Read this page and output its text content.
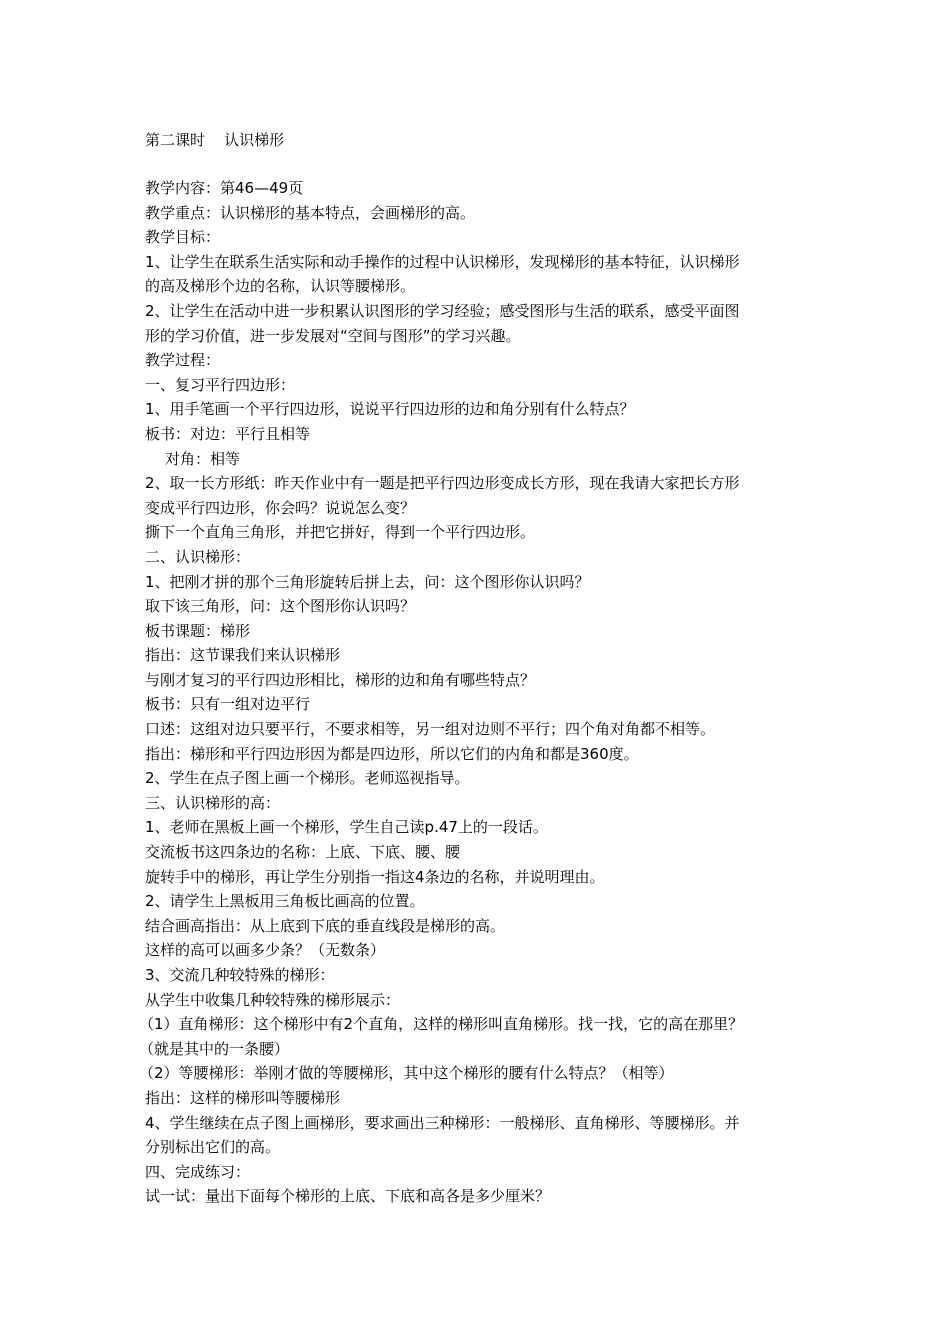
第二课时    认识梯形
教学内容：第46—49页
教学重点：认识梯形的基本特点，会画梯形的高。
教学目标：
1、让学生在联系生活实际和动手操作的过程中认识梯形，发现梯形的基本特征，认识梯形
的高及梯形个边的名称，认识等腰梯形。
2、让学生在活动中进一步积累认识图形的学习经验；感受图形与生活的联系，感受平面图
形的学习价值，进一步发展对“空间与图形”的学习兴趣。
教学过程：
一、复习平行四边形：
1、用手笔画一个平行四边形，说说平行四边形的边和角分别有什么特点？
板书：对边：平行且相等
对角：相等
2、取一长方形纸：昨天作业中有一题是把平行四边形变成长方形，现在我请大家把长方形
变成平行四边形，你会吗？说说怎么变？
撕下一个直角三角形，并把它拼好，得到一个平行四边形。
二、认识梯形：
1、把刚才拼的那个三角形旋转后拼上去，问：这个图形你认识吗？
取下该三角形，问：这个图形你认识吗？
板书课题：梯形
指出：这节课我们来认识梯形
与刚才复习的平行四边形相比，梯形的边和角有哪些特点？
板书：只有一组对边平行
口述：这组对边只要平行，不要求相等，另一组对边则不平行；四个角对角都不相等。
指出：梯形和平行四边形因为都是四边形，所以它们的内角和都是360度。
2、学生在点子图上画一个梯形。老师巡视指导。
三、认识梯形的高：
1、老师在黑板上画一个梯形，学生自己读p.47上的一段话。
交流板书这四条边的名称：上底、下底、腰、腰
旋转手中的梯形，再让学生分别指一指这4条边的名称，并说明理由。
2、请学生上黑板用三角板比画高的位置。
结合画高指出：从上底到下底的垂直线段是梯形的高。
这样的高可以画多少条？（无数条）
3、交流几种较特殊的梯形：
从学生中收集几种较特殊的梯形展示：
（1）直角梯形：这个梯形中有2个直角，这样的梯形叫直角梯形。找一找，它的高在那里？
（就是其中的一条腰）
（2）等腰梯形：举刚才做的等腰梯形，其中这个梯形的腰有什么特点？（相等）
指出：这样的梯形叫等腰梯形
4、学生继续在点子图上画梯形，要求画出三种梯形：一般梯形、直角梯形、等腰梯形。并
分别标出它们的高。
四、完成练习：
试一试：量出下面每个梯形的上底、下底和高各是多少厘米？
